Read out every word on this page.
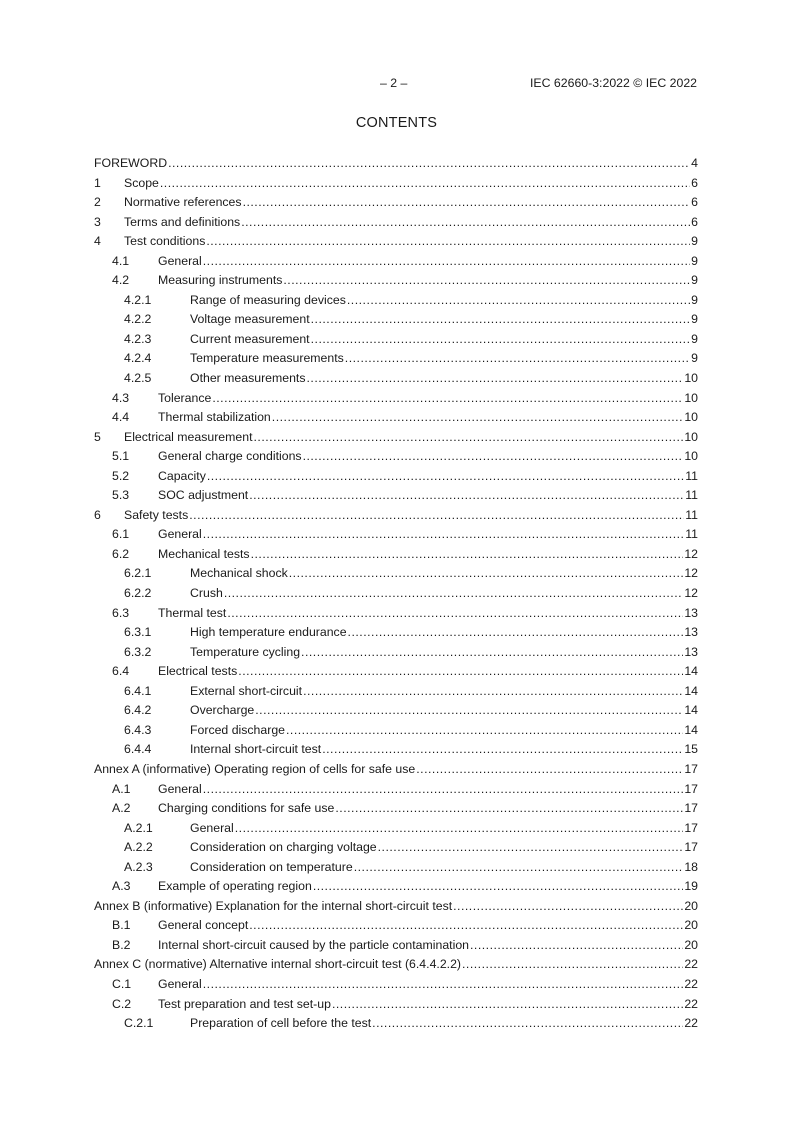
– 2 –	IEC 62660-3:2022 © IEC 2022
CONTENTS
FOREWORD .....	4
1	Scope .....	6
2	Normative references .....	6
3	Terms and definitions .....	6
4	Test conditions .....	9
4.1	General .....	9
4.2	Measuring instruments .....	9
4.2.1	Range of measuring devices .....	9
4.2.2	Voltage measurement .....	9
4.2.3	Current measurement .....	9
4.2.4	Temperature measurements .....	9
4.2.5	Other measurements .....	10
4.3	Tolerance .....	10
4.4	Thermal stabilization .....	10
5	Electrical measurement .....	10
5.1	General charge conditions .....	10
5.2	Capacity .....	11
5.3	SOC adjustment .....	11
6	Safety tests .....	11
6.1	General .....	11
6.2	Mechanical tests .....	12
6.2.1	Mechanical shock .....	12
6.2.2	Crush .....	12
6.3	Thermal test .....	13
6.3.1	High temperature endurance .....	13
6.3.2	Temperature cycling .....	13
6.4	Electrical tests .....	14
6.4.1	External short-circuit .....	14
6.4.2	Overcharge .....	14
6.4.3	Forced discharge .....	14
6.4.4	Internal short-circuit test .....	15
Annex A (informative) Operating region of cells for safe use .....	17
A.1	General .....	17
A.2	Charging conditions for safe use .....	17
A.2.1	General .....	17
A.2.2	Consideration on charging voltage .....	17
A.2.3	Consideration on temperature .....	18
A.3	Example of operating region .....	19
Annex B (informative) Explanation for the internal short-circuit test .....	20
B.1	General concept .....	20
B.2	Internal short-circuit caused by the particle contamination .....	20
Annex C (normative) Alternative internal short-circuit test (6.4.4.2.2) .....	22
C.1	General .....	22
C.2	Test preparation and test set-up .....	22
C.2.1	Preparation of cell before the test .....	22
